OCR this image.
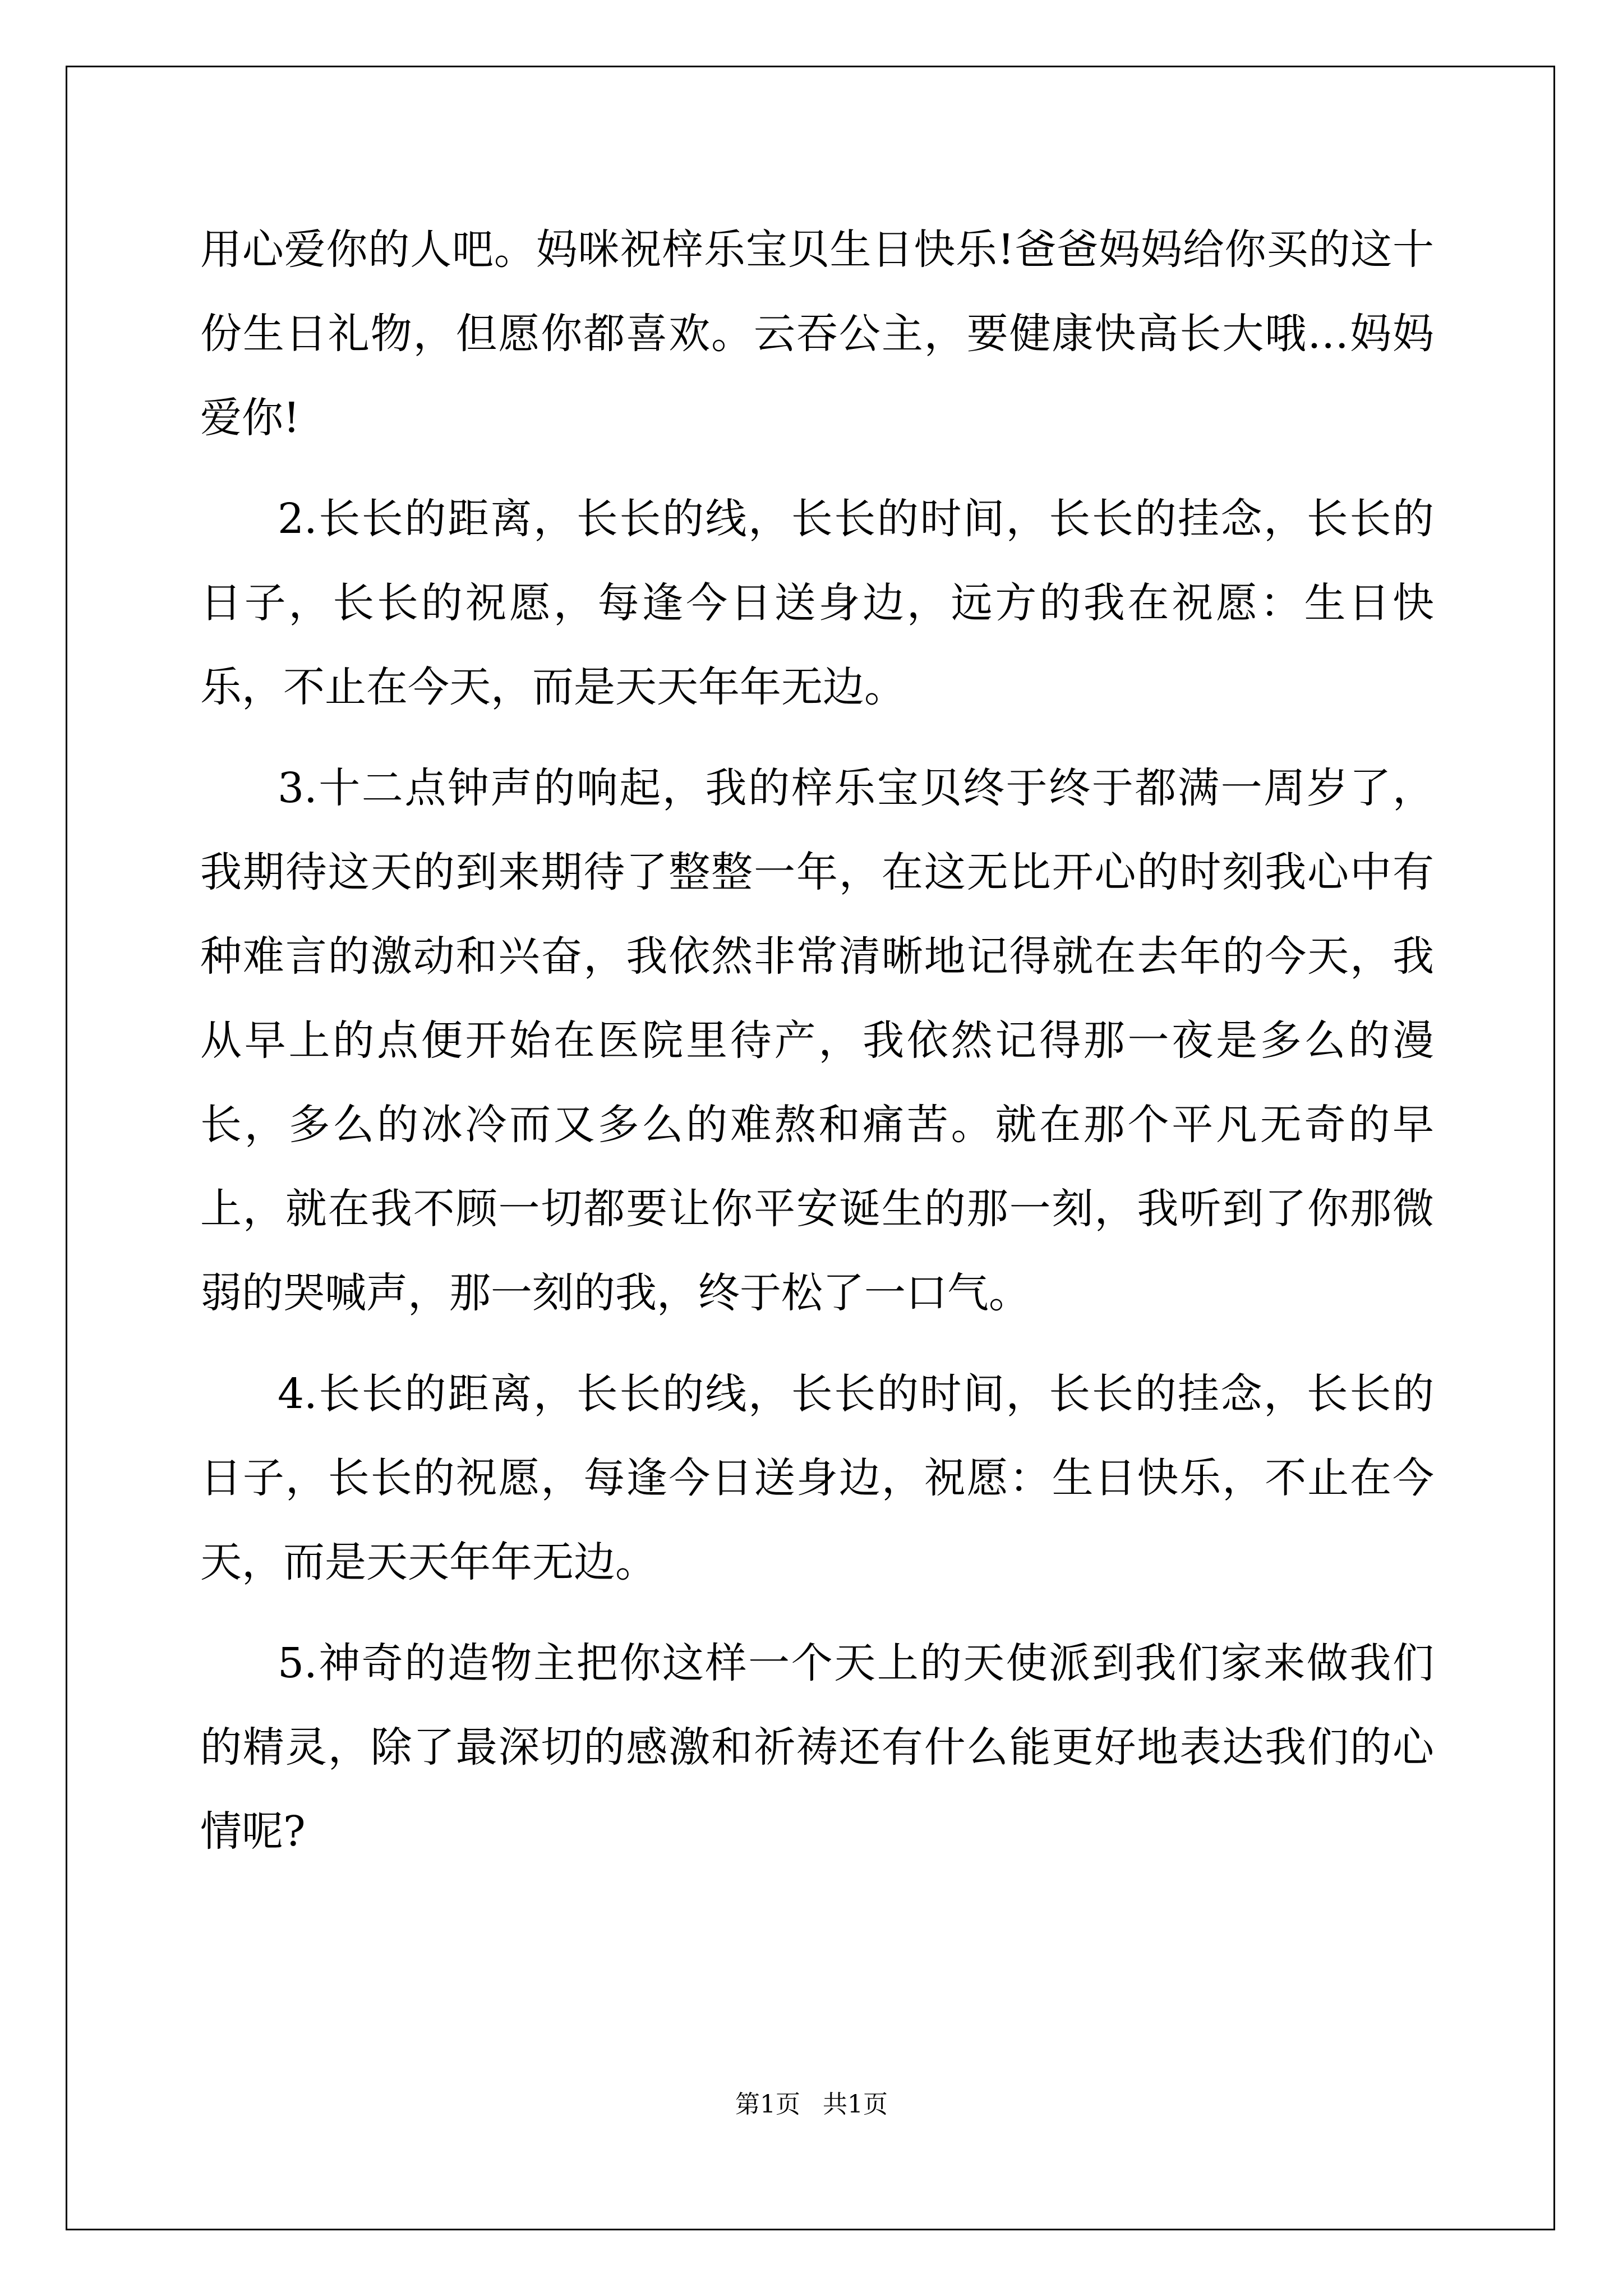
用心爱你的人吧。妈咪祝梓乐宝贝生日快乐!爸爸妈妈给你买的这十份生日礼物，但愿你都喜欢。云吞公主，要健康快高长大哦…妈妈爱你!

2.长长的距离，长长的线，长长的时间，长长的挂念，长长的日子，长长的祝愿，每逢今日送身边，远方的我在祝愿：生日快乐，不止在今天，而是天天年年无边。

3.十二点钟声的响起，我的梓乐宝贝终于终于都满一周岁了，我期待这天的到来期待了整整一年，在这无比开心的时刻我心中有种难言的激动和兴奋，我依然非常清晰地记得就在去年的今天，我从早上的点便开始在医院里待产，我依然记得那一夜是多么的漫长，多么的冰冷而又多么的难熬和痛苦。就在那个平凡无奇的早上，就在我不顾一切都要让你平安诞生的那一刻，我听到了你那微弱的哭喊声，那一刻的我，终于松了一口气。

4.长长的距离，长长的线，长长的时间，长长的挂念，长长的日子，长长的祝愿，每逢今日送身边，祝愿：生日快乐，不止在今天，而是天天年年无边。

5.神奇的造物主把你这样一个天上的天使派到我们家来做我们的精灵，除了最深切的感激和祈祷还有什么能更好地表达我们的心情呢?

第1页 共1页
